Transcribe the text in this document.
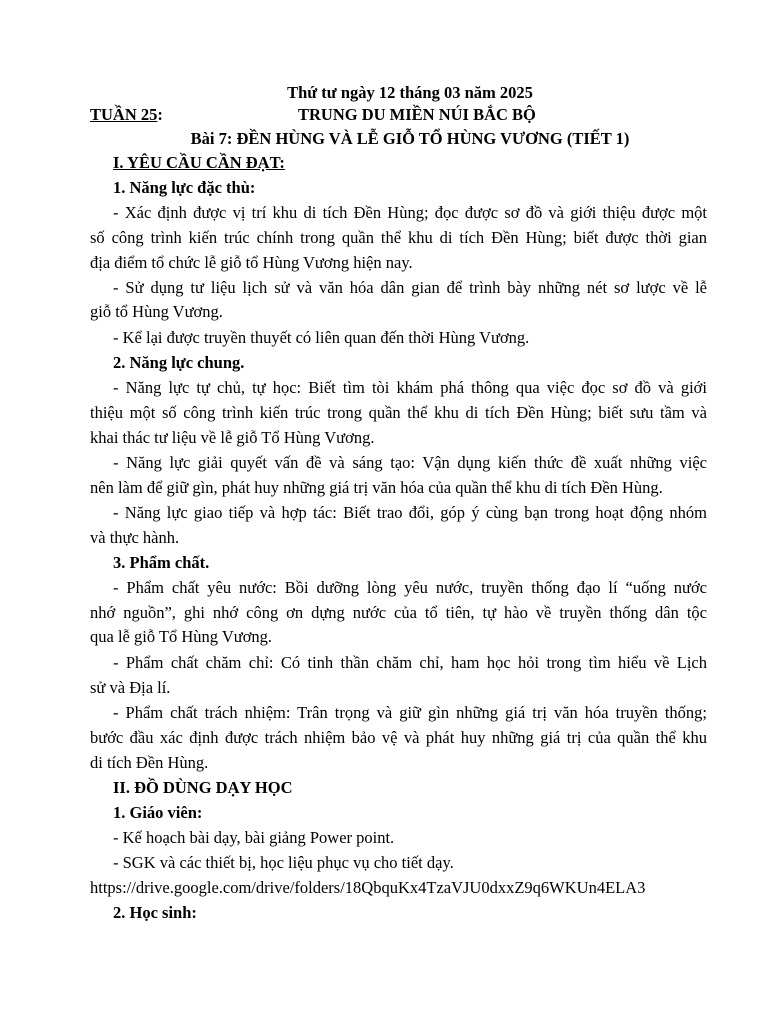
Thứ tư ngày 12 tháng 03 năm 2025
TUẦN 25:	TRUNG DU MIỀN NÚI BẮC BỘ
Bài 7: ĐỀN HÙNG VÀ LỄ GIỖ TỔ HÙNG VƯƠNG (TIẾT 1)
I. YÊU CẦU CẦN ĐẠT:
1. Năng lực đặc thù:
- Xác định được vị trí khu di tích Đền Hùng; đọc được sơ đồ và giới thiệu được một
số công trình kiến trúc chính trong quần thể khu di tích Đền Hùng; biết được thời gian
địa điểm tổ chức lễ giỗ tổ Hùng Vương hiện nay.
- Sử dụng tư liệu lịch sử và văn hóa dân gian để trình bày những nét sơ lược về lễ
giỗ tổ Hùng Vương.
- Kể lại được truyền thuyết có liên quan đến thời Hùng Vương.
2. Năng lực chung.
- Năng lực tự chủ, tự học: Biết tìm tòi khám phá thông qua việc đọc sơ đồ và giới
thiệu một số công trình kiến trúc trong quần thể khu di tích Đền Hùng; biết sưu tầm và
khai thác tư liệu về lễ giỗ Tổ Hùng Vương.
- Năng lực giải quyết vấn đề và sáng tạo: Vận dụng kiến thức đề xuất những việc
nên làm để giữ gìn, phát huy những giá trị văn hóa của quần thể khu di tích Đền Hùng.
- Năng lực giao tiếp và hợp tác: Biết trao đổi, góp ý cùng bạn trong hoạt động nhóm
và thực hành.
3. Phẩm chất.
- Phẩm chất yêu nước: Bồi dưỡng lòng yêu nước, truyền thống đạo lí “uống nước
nhớ nguồn”, ghi nhớ công ơn dựng nước của tổ tiên, tự hào về truyền thống dân tộc
qua lễ giỗ Tổ Hùng Vương.
- Phẩm chất chăm chỉ: Có tinh thần chăm chỉ, ham học hỏi trong tìm hiểu về Lịch
sử và Địa lí.
- Phẩm chất trách nhiệm: Trân trọng và giữ gìn những giá trị văn hóa truyền thống;
bước đầu xác định được trách nhiệm bảo vệ và phát huy những giá trị của quần thể khu
di tích Đền Hùng.
II. ĐỒ DÙNG DẠY HỌC
1. Giáo viên:
- Kế hoạch bài dạy, bài giảng Power point.
- SGK và các thiết bị, học liệu phục vụ cho tiết dạy.
https://drive.google.com/drive/folders/18QbquKx4TzaVJU0dxxZ9q6WKUn4ELA3
2. Học sinh:
